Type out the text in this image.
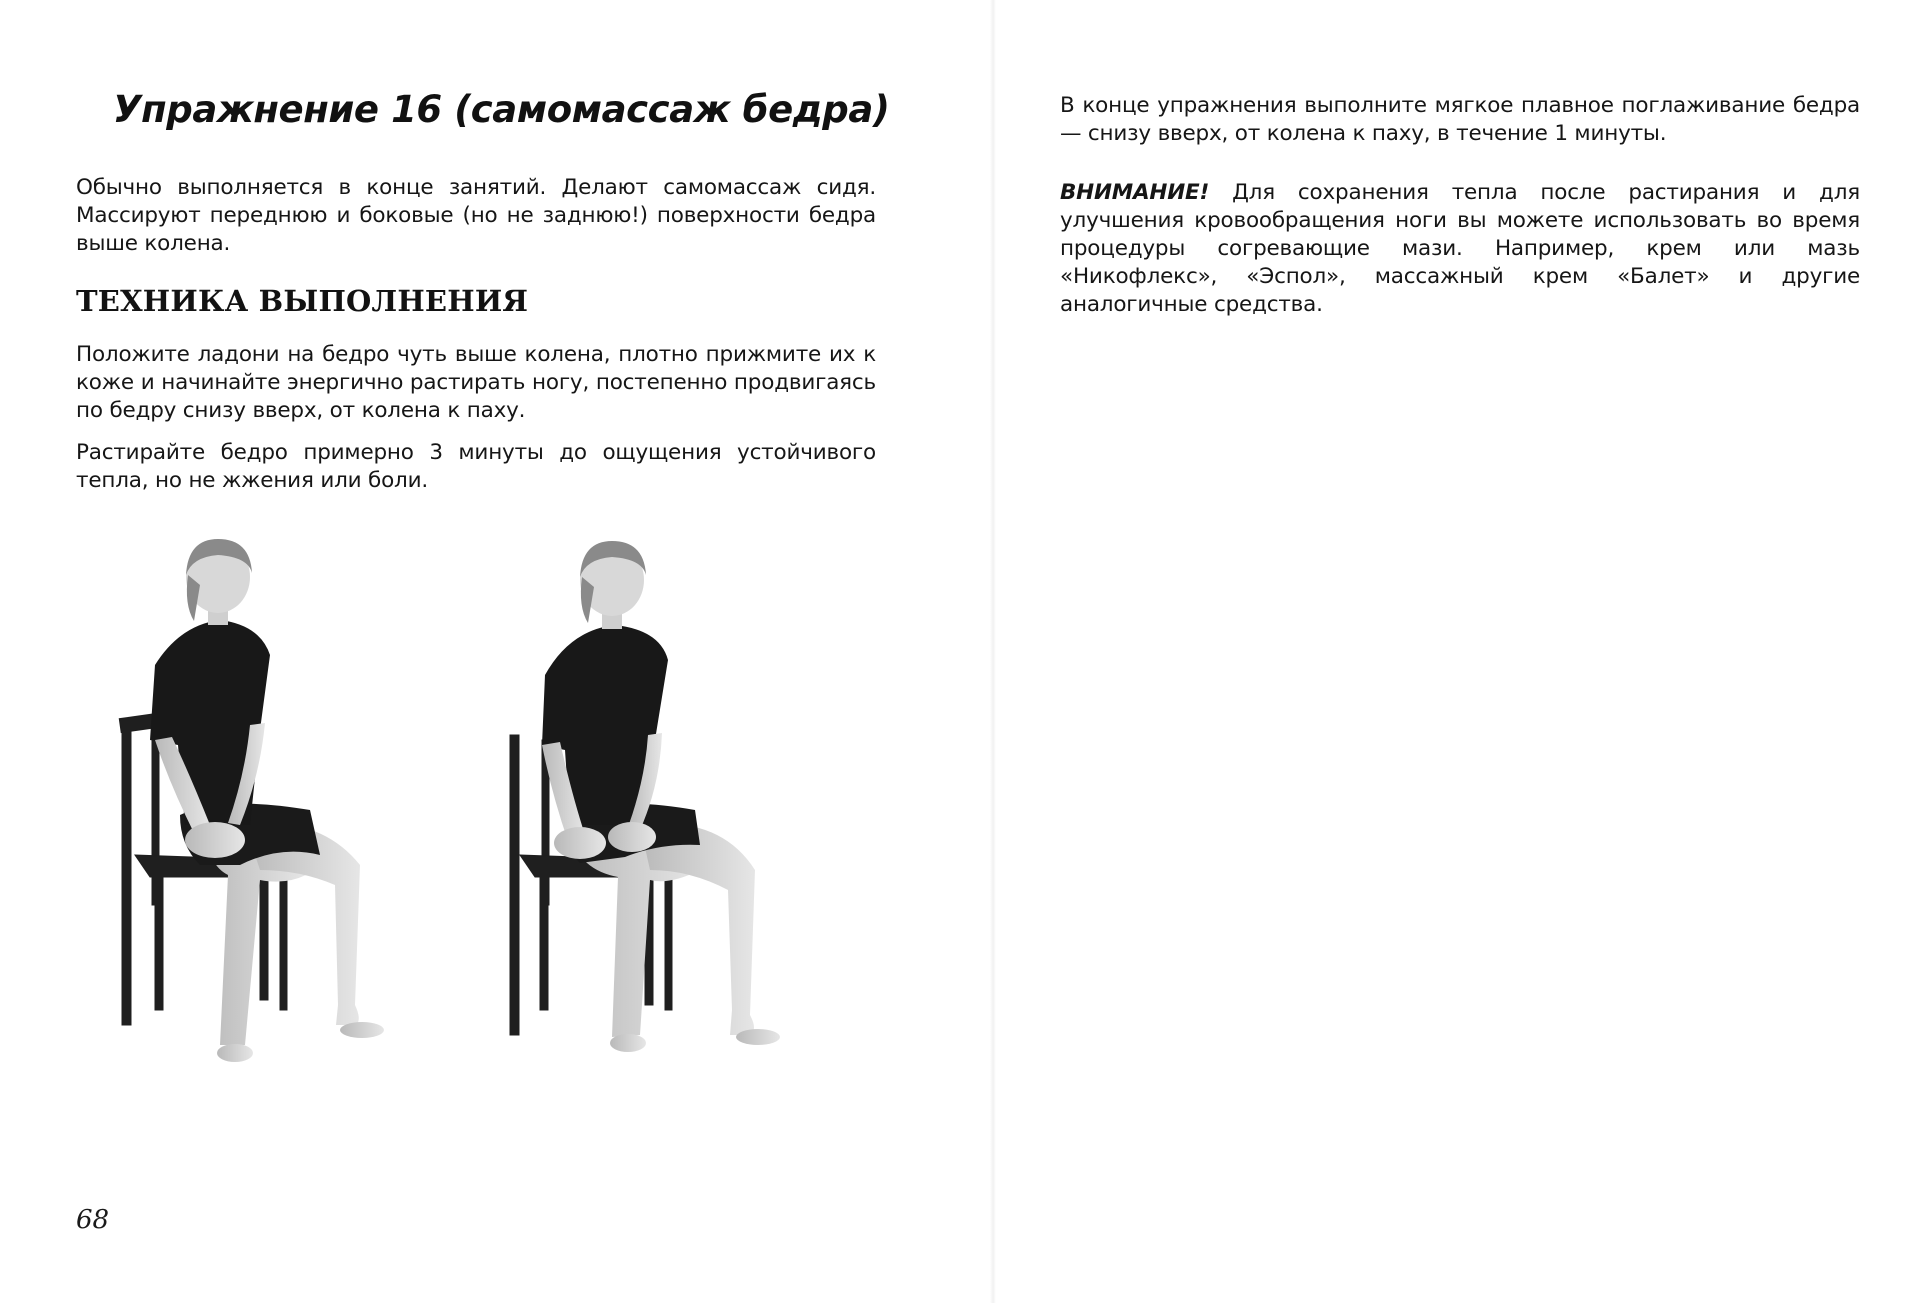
Упражнение 16 (самомассаж бедра)

Обычно выполняется в конце занятий. Делают самомассаж сидя. Массируют переднюю и боковые (но не заднюю!) поверхности бедра выше колена.

ТЕХНИКА ВЫПОЛНЕНИЯ

Положите ладони на бедро чуть выше колена, плотно прижмите их к коже и начинайте энергично растирать ногу, постепенно продвигаясь по бедру снизу вверх, от колена к паху.

Растирайте бедро примерно 3 минуты до ощущения устойчивого тепла, но не жжения или боли.

68

В конце упражнения выполните мягкое плавное поглаживание бедра — снизу вверх, от колена к паху, в течение 1 минуты.

ВНИМАНИЕ! Для сохранения тепла после растирания и для улучшения кровообращения ноги вы можете использовать во время процедуры согревающие мази. Например, крем или мазь «Никофлекс», «Эспол», массажный крем «Балет» и другие аналогичные средства.
